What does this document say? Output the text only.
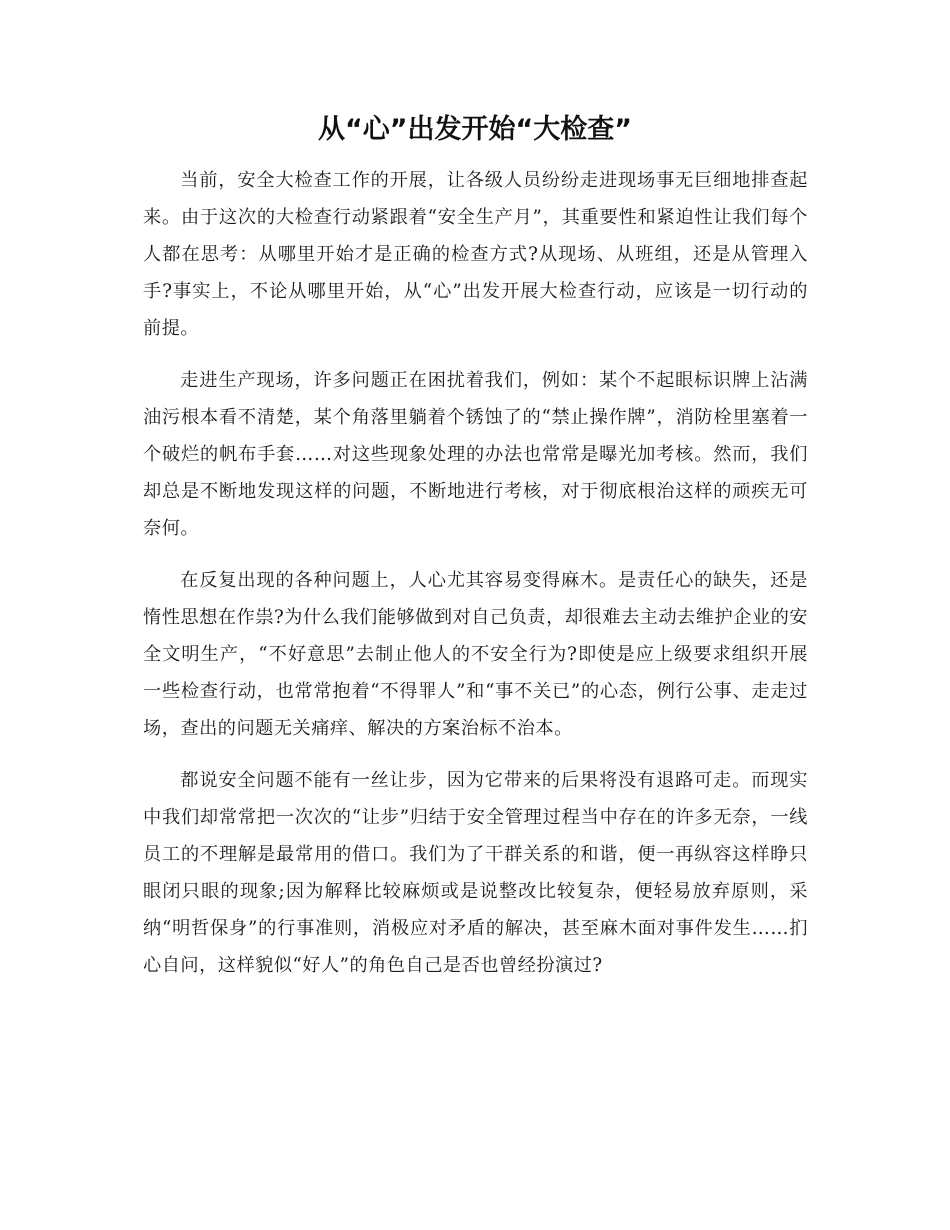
从“心”出发开始“大检查”

当前，安全大检查工作的开展，让各级人员纷纷走进现场事无巨细地排查起来。由于这次的大检查行动紧跟着“安全生产月”，其重要性和紧迫性让我们每个人都在思考：从哪里开始才是正确的检查方式?从现场、从班组，还是从管理入手?事实上，不论从哪里开始，从“心”出发开展大检查行动，应该是一切行动的前提。

走进生产现场，许多问题正在困扰着我们，例如：某个不起眼标识牌上沾满油污根本看不清楚，某个角落里躺着个锈蚀了的“禁止操作牌”，消防栓里塞着一个破烂的帆布手套……对这些现象处理的办法也常常是曝光加考核。然而，我们却总是不断地发现这样的问题，不断地进行考核，对于彻底根治这样的顽疾无可奈何。

在反复出现的各种问题上，人心尤其容易变得麻木。是责任心的缺失，还是惰性思想在作祟?为什么我们能够做到对自己负责，却很难去主动去维护企业的安全文明生产，“不好意思”去制止他人的不安全行为?即使是应上级要求组织开展一些检查行动，也常常抱着“不得罪人”和“事不关已”的心态，例行公事、走走过场，查出的问题无关痛痒、解决的方案治标不治本。

都说安全问题不能有一丝让步，因为它带来的后果将没有退路可走。而现实中我们却常常把一次次的“让步”归结于安全管理过程当中存在的许多无奈，一线员工的不理解是最常用的借口。我们为了干群关系的和谐，便一再纵容这样睁只眼闭只眼的现象;因为解释比较麻烦或是说整改比较复杂，便轻易放弃原则，采纳“明哲保身”的行事准则，消极应对矛盾的解决，甚至麻木面对事件发生……扪心自问，这样貌似“好人”的角色自己是否也曾经扮演过?
